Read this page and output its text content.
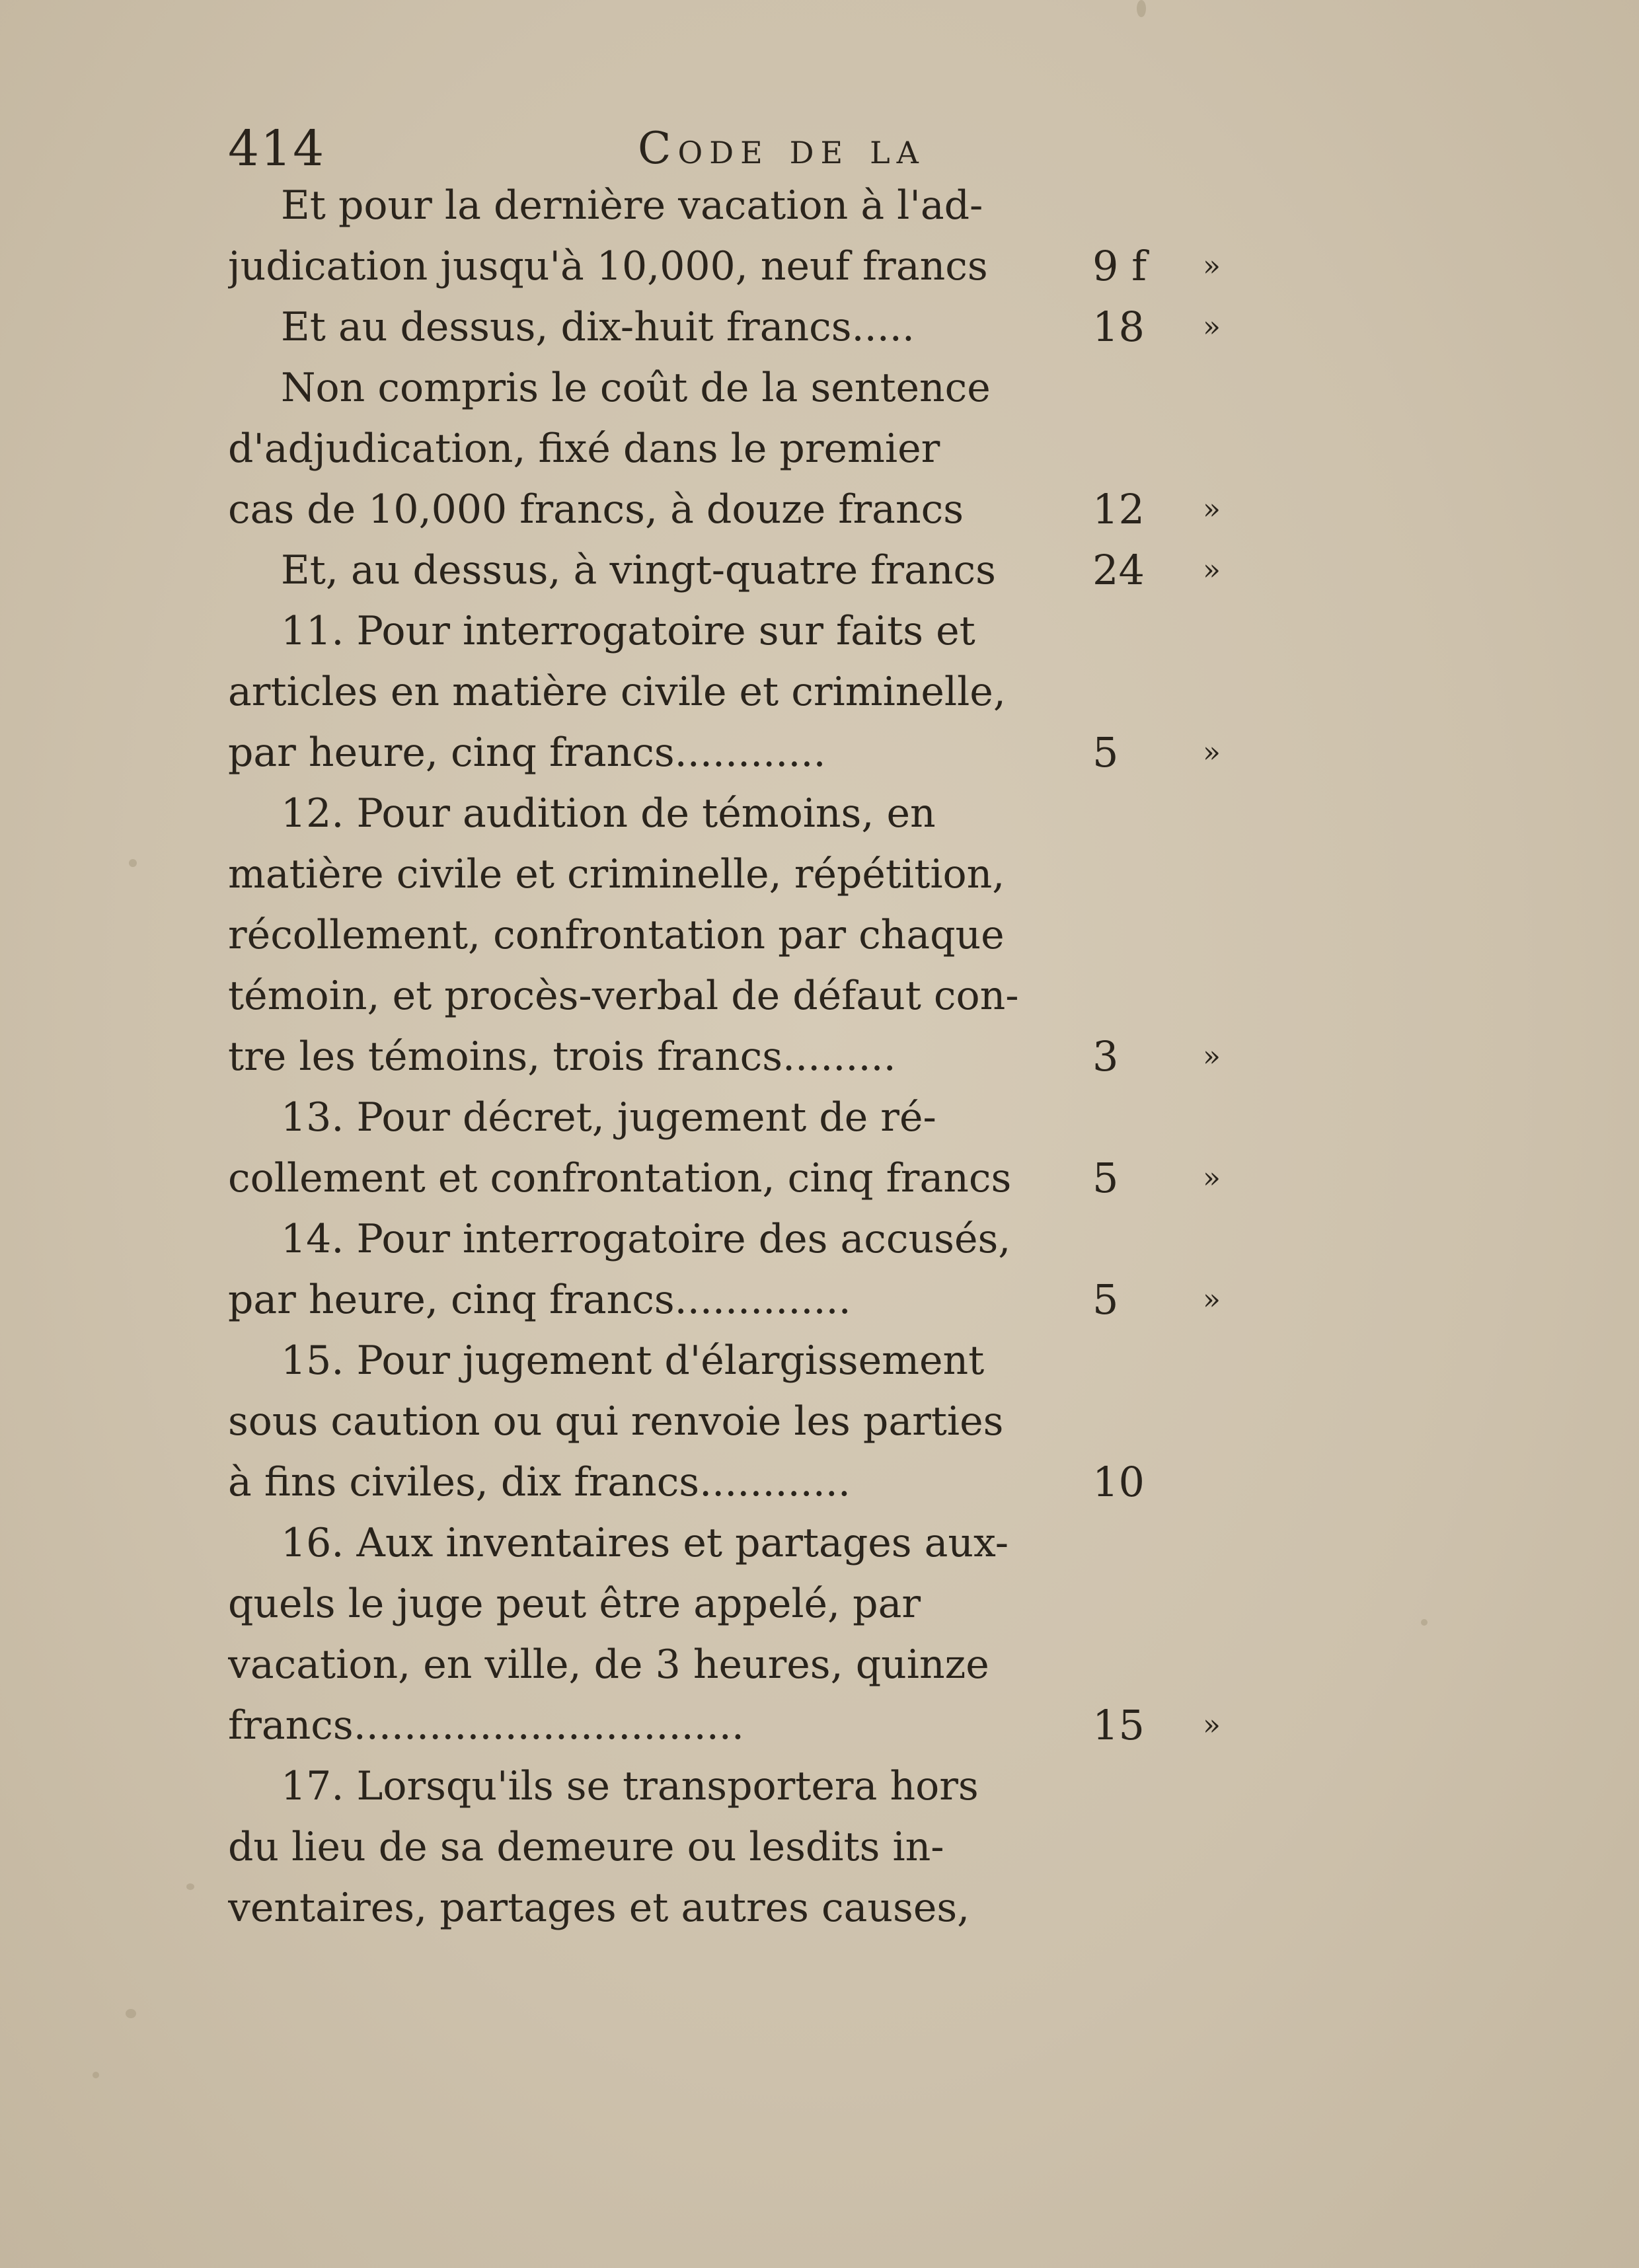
414	Code de la
Et pour la dernière vacation à l'ad-
judication jusqu'à 10,000, neuf francs	9 f »
Et au dessus, dix-huit francs.....	18 »
Non compris le coût de la sentence
d'adjudication, fixé dans le premier
cas de 10,000 francs, à douze francs	12 »
Et, au dessus, à vingt-quatre francs	24 »
11. Pour interrogatoire sur faits et
articles en matière civile et criminelle,
par heure, cinq francs............	5	»
12. Pour audition de témoins, en
matière civile et criminelle, répétition,
récollement, confrontation par chaque
témoin, et procès-verbal de défaut con-
tre les témoins, trois francs.........	3	»
13. Pour décret, jugement de ré-
collement et confrontation, cinq francs	5	»
14. Pour interrogatoire des accusés,
par heure, cinq francs..............	5	»
15. Pour jugement d'élargissement
sous caution ou qui renvoie les parties
à fins civiles, dix francs............	10
16. Aux inventaires et partages aux-
quels le juge peut être appelé, par
vacation, en ville, de 3 heures, quinze
francs...............................	15 »
17. Lorsqu'ils se transportera hors
du lieu de sa demeure ou lesdits in-
ventaires, partages et autres causes,
